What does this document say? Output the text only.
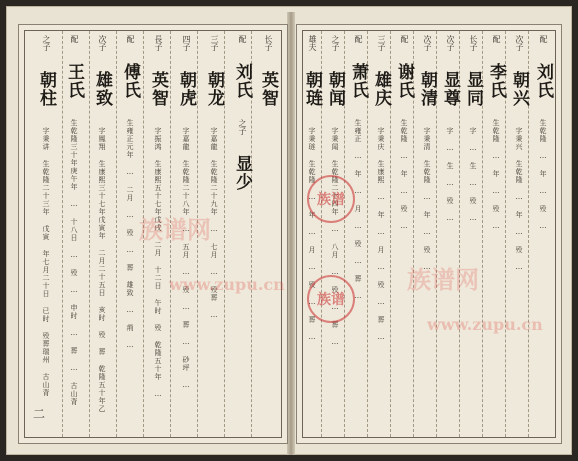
之子 朝柱 字秉讲 生乾隆二十三年 戊寅 年七月二十日 已时 殁葬瑞州 古山背
配 王氏 生乾隆三十年庚午年 … 十八日 … 殁 … 申时 … 葬 … 古山背
次子 雄致 字鳳翔 生康熙三十七年戊寅年 二月二十五日 亥时 殁 葬 乾隆五十年乙
配 傅氏 生雍正元年 … 二月 … 殁 … 葬 雄致 … 荊 …
長子 英智 字振鸿 生康熙五十七年戊戌 二月 十二日 午时 殁 乾隆五十年 …
四子 朝虎 字嘉龍 生乾隆二十八年 … 五月 … 殁 … 葬 … 砂坪 …
三子 朝龙 字嘉龍 生乾隆二十九年 … 七月 … 殁葬 …
配 刘氏 之子 显少
长子 英智
族谱网
www.zupu.cn
二
雄夫 朝琏 字秉琏 生乾隆 … 年 … 月 … 殁 … 葬 …
之子 朝闻 字秉闻 生乾隆二十四年 … 八月 … 殁 … 葬 …
配 萧氏 生雍正 … 年 … 月 … 殁 … 葬 …
三子 雄庆 字秉庆 生康熙 … 年 … 月 … 殁 … 葬 …
配 谢氏 生乾隆 … 年 … 殁 …
次子 朝清 字秉清 生乾隆 … 年 … 殁 …
次子 显尊 字 … 生 … 殁 …
长子 显同 字 … 生 … 殁 …
配 李氏 生乾隆 … 年 … 殁 …
次子 朝兴 字秉兴 生乾隆 … 年 … 殁 …
配 刘氏 生乾隆 … 年 … 殁 …
族谱
族谱
族谱网
www.zupu.cn
